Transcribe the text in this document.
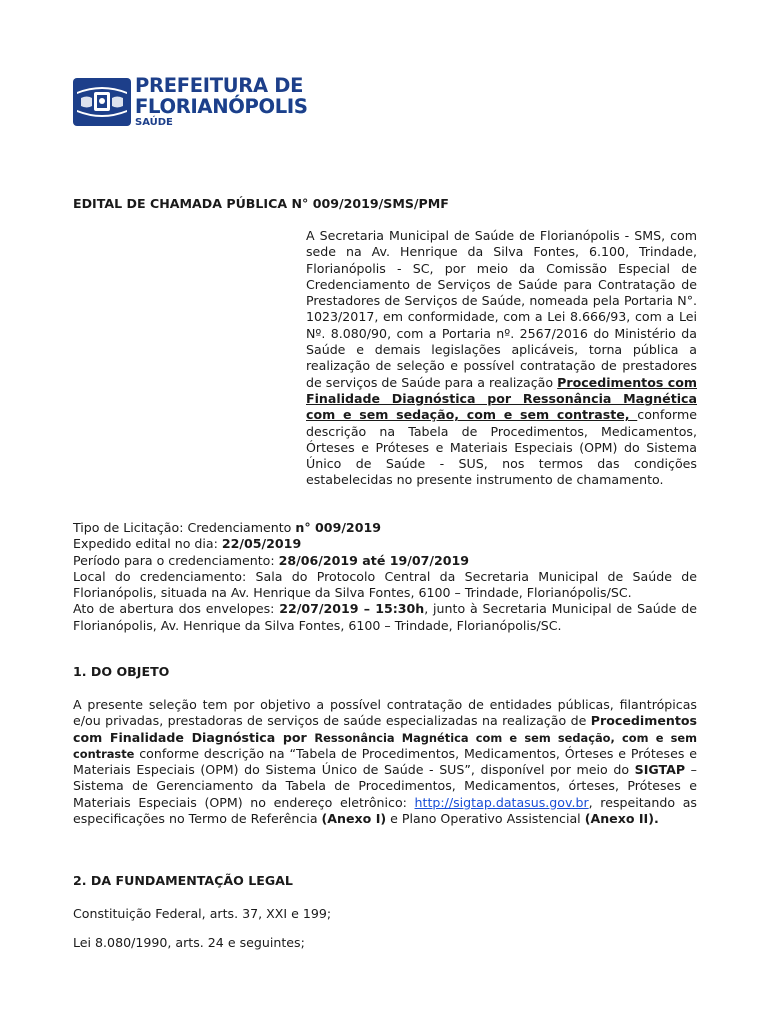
PREFEITURA DE
FLORIANÓPOLIS
SAÚDE
EDITAL DE CHAMADA PÚBLICA N° 009/2019/SMS/PMF

A Secretaria Municipal de Saúde de Florianópolis - SMS, com sede na Av. Henrique da Silva Fontes, 6.100, Trindade, Florianópolis - SC, por meio da Comissão Especial de Credenciamento de Serviços de Saúde para Contratação de Prestadores de Serviços de Saúde, nomeada pela Portaria N°. 1023/2017, em conformidade, com a Lei 8.666/93, com a Lei Nº. 8.080/90, com a Portaria nº. 2567/2016 do Ministério da Saúde e demais legislações aplicáveis, torna pública a realização de seleção e possível contratação de prestadores de serviços de Saúde para a realização Procedimentos com Finalidade Diagnóstica por Ressonância Magnética com e sem sedação, com e sem contraste, conforme descrição na Tabela de Procedimentos, Medicamentos, Órteses e Próteses e Materiais Especiais (OPM) do Sistema Único de Saúde - SUS, nos termos das condições estabelecidas no presente instrumento de chamamento.

Tipo de Licitação: Credenciamento n° 009/2019
Expedido edital no dia: 22/05/2019
Período para o credenciamento: 28/06/2019 até 19/07/2019
Local do credenciamento: Sala do Protocolo Central da Secretaria Municipal de Saúde de Florianópolis, situada na Av. Henrique da Silva Fontes, 6100 – Trindade, Florianópolis/SC.
Ato de abertura dos envelopes: 22/07/2019 – 15:30h, junto à Secretaria Municipal de Saúde de Florianópolis, Av. Henrique da Silva Fontes, 6100 – Trindade, Florianópolis/SC.
1. DO OBJETO

A presente seleção tem por objetivo a possível contratação de entidades públicas, filantrópicas e/ou privadas, prestadoras de serviços de saúde especializadas na realização de Procedimentos com Finalidade Diagnóstica por Ressonância Magnética com e sem sedação, com e sem contraste conforme descrição na “Tabela de Procedimentos, Medicamentos, Órteses e Próteses e Materiais Especiais (OPM) do Sistema Único de Saúde - SUS”, disponível por meio do SIGTAP – Sistema de Gerenciamento da Tabela de Procedimentos, Medicamentos, órteses, Próteses e Materiais Especiais (OPM) no endereço eletrônico: http://sigtap.datasus.gov.br, respeitando as especificações no Termo de Referência (Anexo I) e Plano Operativo Assistencial (Anexo II).

2. DA FUNDAMENTAÇÃO LEGAL

Constituição Federal, arts. 37, XXI e 199;

Lei 8.080/1990, arts. 24 e seguintes;
